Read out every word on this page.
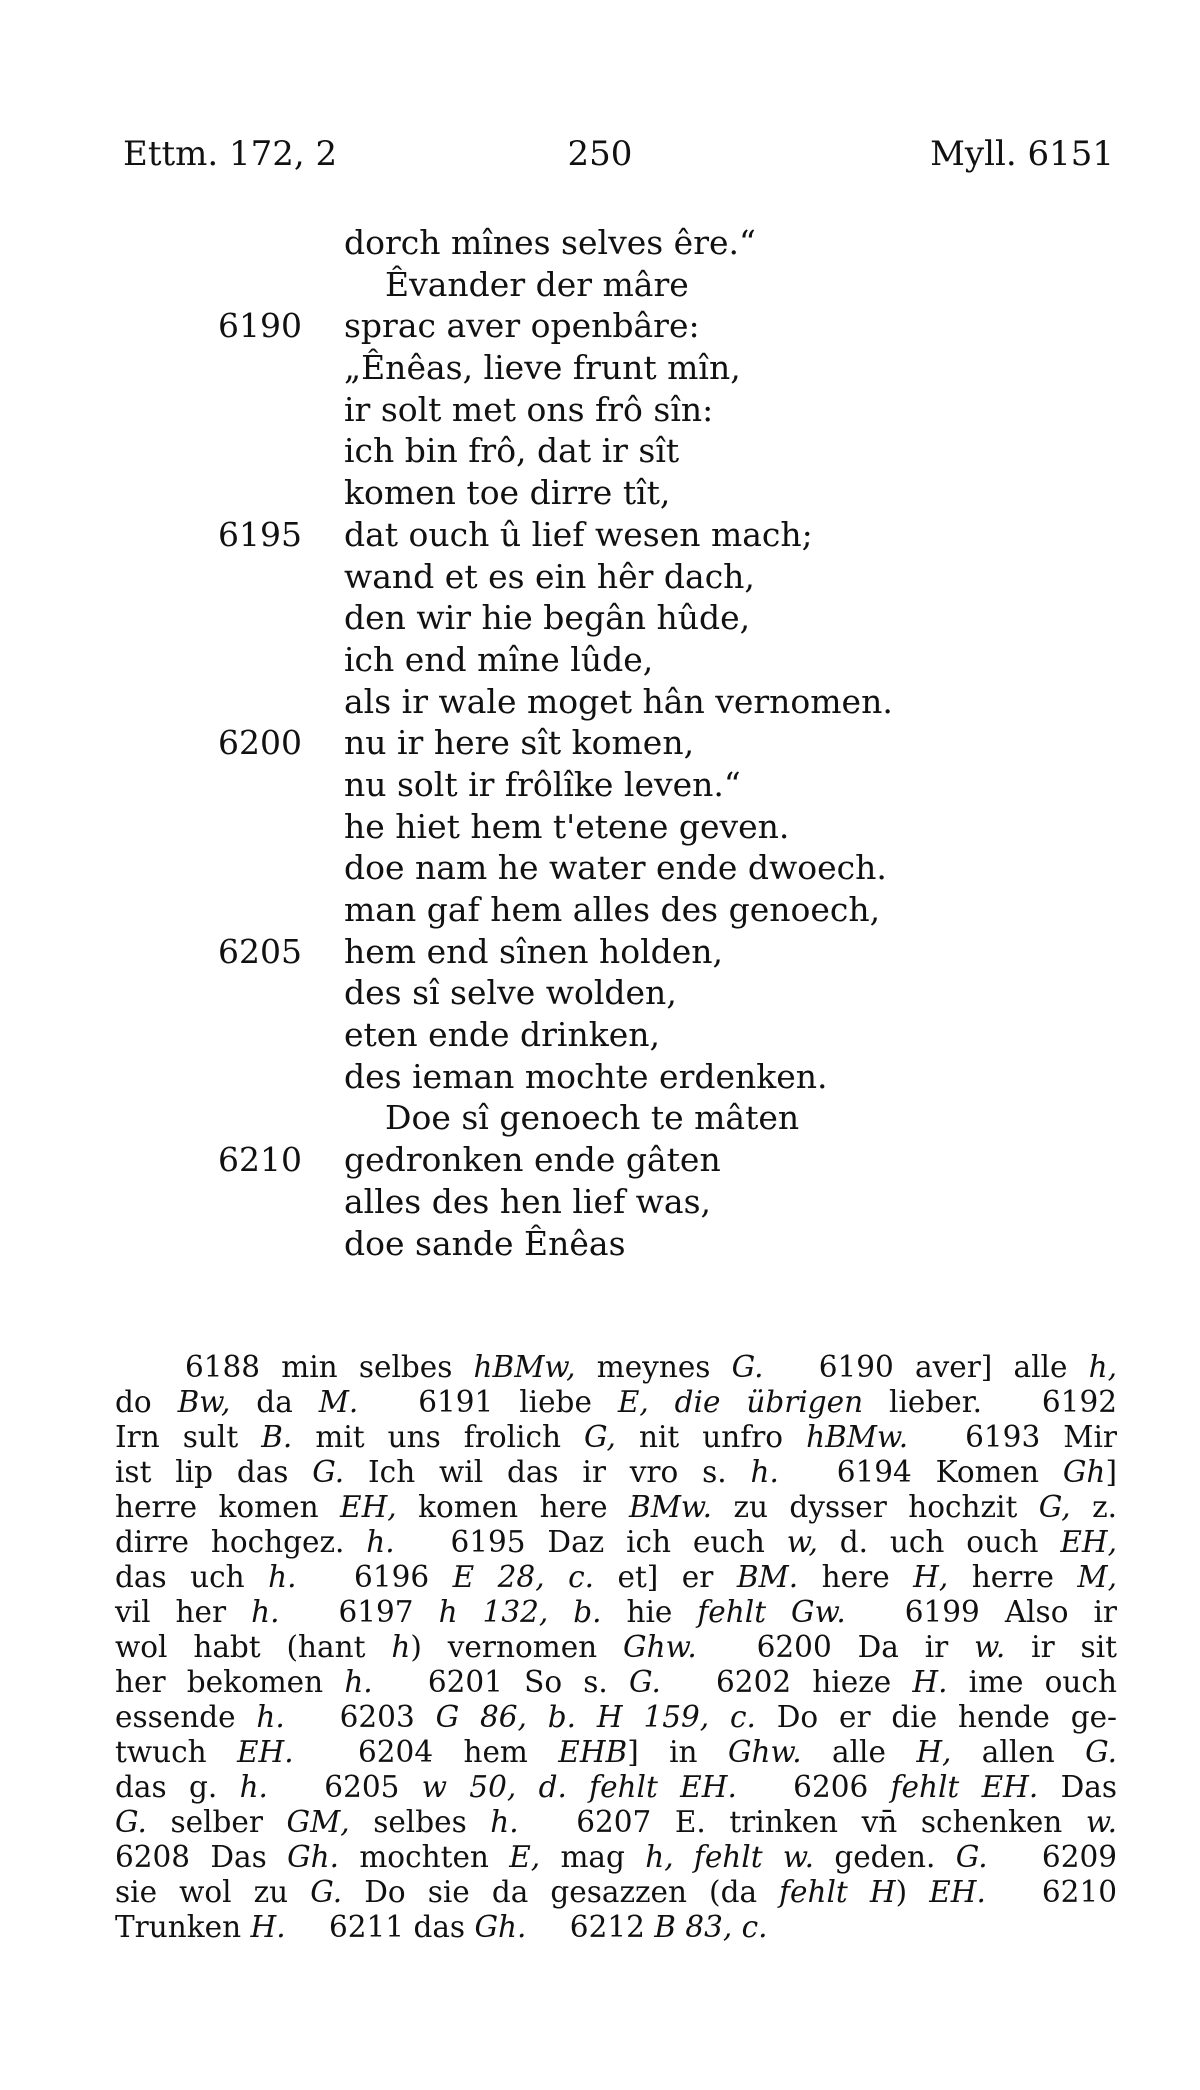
Ettm. 172, 2	250	Myll. 6151
dorch mînes selves êre.“
Êvander der mâre
6190	sprac aver openbâre:
„Ênêas, lieve frunt mîn,
ir solt met ons frô sîn:
ich bin frô, dat ir sît
komen toe dirre tît,
6195	dat ouch û lief wesen mach;
wand et es ein hêr dach,
den wir hie begân hûde,
ich end mîne lûde,
als ir wale moget hân vernomen.
6200	nu ir here sît komen,
nu solt ir frôlîke leven.“
he hiet hem t'etene geven.
doe nam he water ende dwoech.
man gaf hem alles des genoech,
6205	hem end sînen holden,
des sî selve wolden,
eten ende drinken,
des ieman mochte erdenken.
Doe sî genoech te mâten
6210	gedronken ende gâten
alles des hen lief was,
doe sande Ênêas
6188 min selbes hBMw, meynes G. 6190 aver] alle h,
do Bw, da M. 6191 liebe E, die übrigen lieber. 6192
Irn sult B. mit uns frolich G, nit unfro hBMw. 6193 Mir
ist lip das G. Ich wil das ir vro s. h. 6194 Komen Gh]
herre komen EH, komen here BMw. zu dysser hochzit G, z.
dirre hochgez. h. 6195 Daz ich euch w, d. uch ouch EH,
das uch h. 6196 E 28, c. et] er BM. here H, herre M,
vil her h. 6197 h 132, b. hie fehlt Gw. 6199 Also ir
wol habt (hant h) vernomen Ghw. 6200 Da ir w. ir sit
her bekomen h. 6201 So s. G. 6202 hieze H. ime ouch
essende h. 6203 G 86, b. H 159, c. Do er die hende ge-
twuch EH. 6204 hem EHB] in Ghw. alle H, allen G.
das g. h. 6205 w 50, d. fehlt EH. 6206 fehlt EH. Das
G. selber GM, selbes h. 6207 E. trinken vn̄ schenken w.
6208 Das Gh. mochten E, mag h, fehlt w. geden. G. 6209
sie wol zu G. Do sie da gesazzen (da fehlt H) EH. 6210
Trunken H. 6211 das Gh. 6212 B 83, c.
